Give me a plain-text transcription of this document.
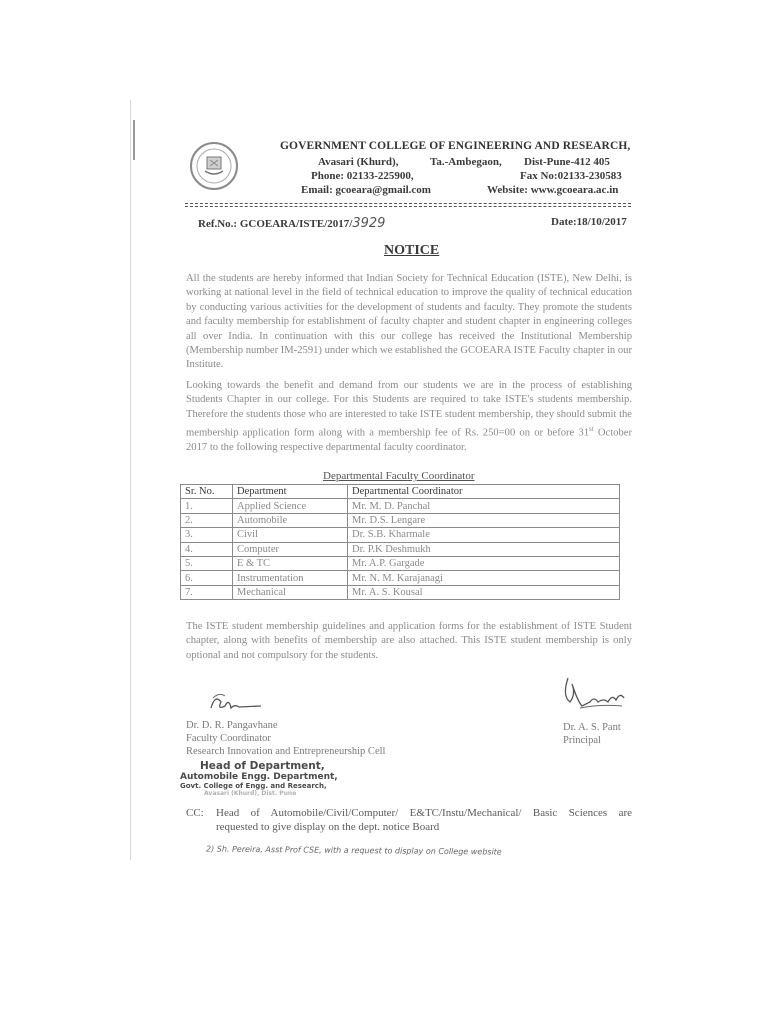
GOVERNMENT COLLEGE OF ENGINEERING AND RESEARCH,
Avasari (Khurd),	Ta.-Ambegaon, Dist-Pune-412 405
Phone: 02133-225900,	Fax No:02133-230583
Email: gcoeara@gmail.com	Website: www.gcoeara.ac.in
Ref.No.: GCOEARA/ISTE/2017/3929	Date:18/10/2017
NOTICE
All the students are hereby informed that Indian Society for Technical Education (ISTE), New Delhi, is working at national level in the field of technical education to improve the quality of technical education by conducting various activities for the development of students and faculty. They promote the students and faculty membership for establishment of faculty chapter and student chapter in engineering colleges all over India. In continuation with this our college has received the Institutional Membership (Membership number IM-2591) under which we established the GCOEARA ISTE Faculty chapter in our Institute.
Looking towards the benefit and demand from our students we are in the process of establishing Students Chapter in our college. For this Students are required to take ISTE's students membership. Therefore the students those who are interested to take ISTE student membership, they should submit the membership application form along with a membership fee of Rs. 250=00 on or before 31st October 2017 to the following respective departmental faculty coordinator.
Departmental Faculty Coordinator
Sr. No.	Department	Departmental Coordinator
1.	Applied Science	Mr. M. D. Panchal
2.	Automobile	Mr. D.S. Lengare
3.	Civil	Dr. S.B. Kharmale
4.	Computer	Dr. P.K Deshmukh
5.	E & TC	Mr. A.P. Gargade
6.	Instrumentation	Mr. N. M. Karajanagi
7.	Mechanical	Mr. A. S. Kousal
The ISTE student membership guidelines and application forms for the establishment of ISTE Student chapter, along with benefits of membership are also attached. This ISTE student membership is only optional and not compulsory for the students.
Dr. D. R. Pangavhane
Faculty Coordinator
Research Innovation and Entrepreneurship Cell
Dr. A. S. Pant
Principal
Head of Department,
Automobile Engg. Department,
Govt. College of Engg. and Research,
Avasari (Khurd), Dist. Pune
CC: Head of Automobile/Civil/Computer/ E&TC/Instu/Mechanical/ Basic Sciences are
requested to give display on the dept. notice Board
2) Sh. Pereira, Asst Prof CSE, with a request to display on College website
